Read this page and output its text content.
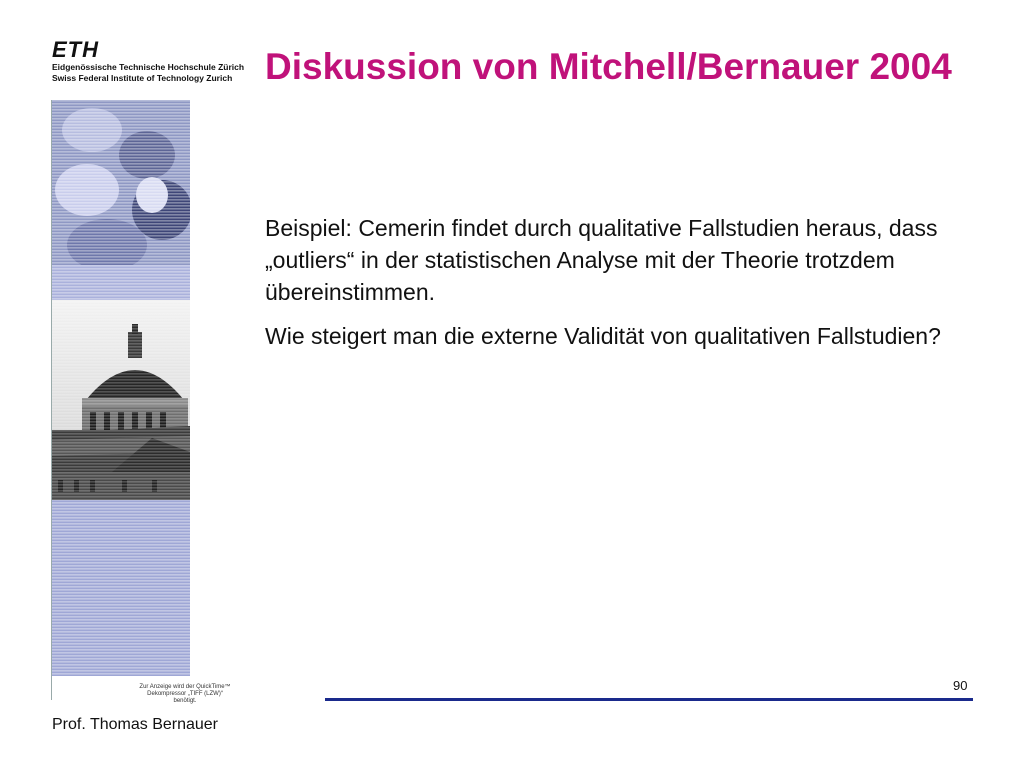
ETH
Eidgenössische Technische Hochschule Zürich
Swiss Federal Institute of Technology Zurich
Zur Anzeige wird der QuickTime™
Dekompressor „TIFF (LZW)“
benötigt.
Diskussion von Mitchell/Bernauer 2004

Beispiel: Cemerin findet durch qualitative Fallstudien heraus, dass „outliers“ in der statistischen Analyse mit der Theorie trotzdem übereinstimmen.

Wie steigert man die externe Validität von qualitativen Fallstudien?

90
Prof. Thomas Bernauer
